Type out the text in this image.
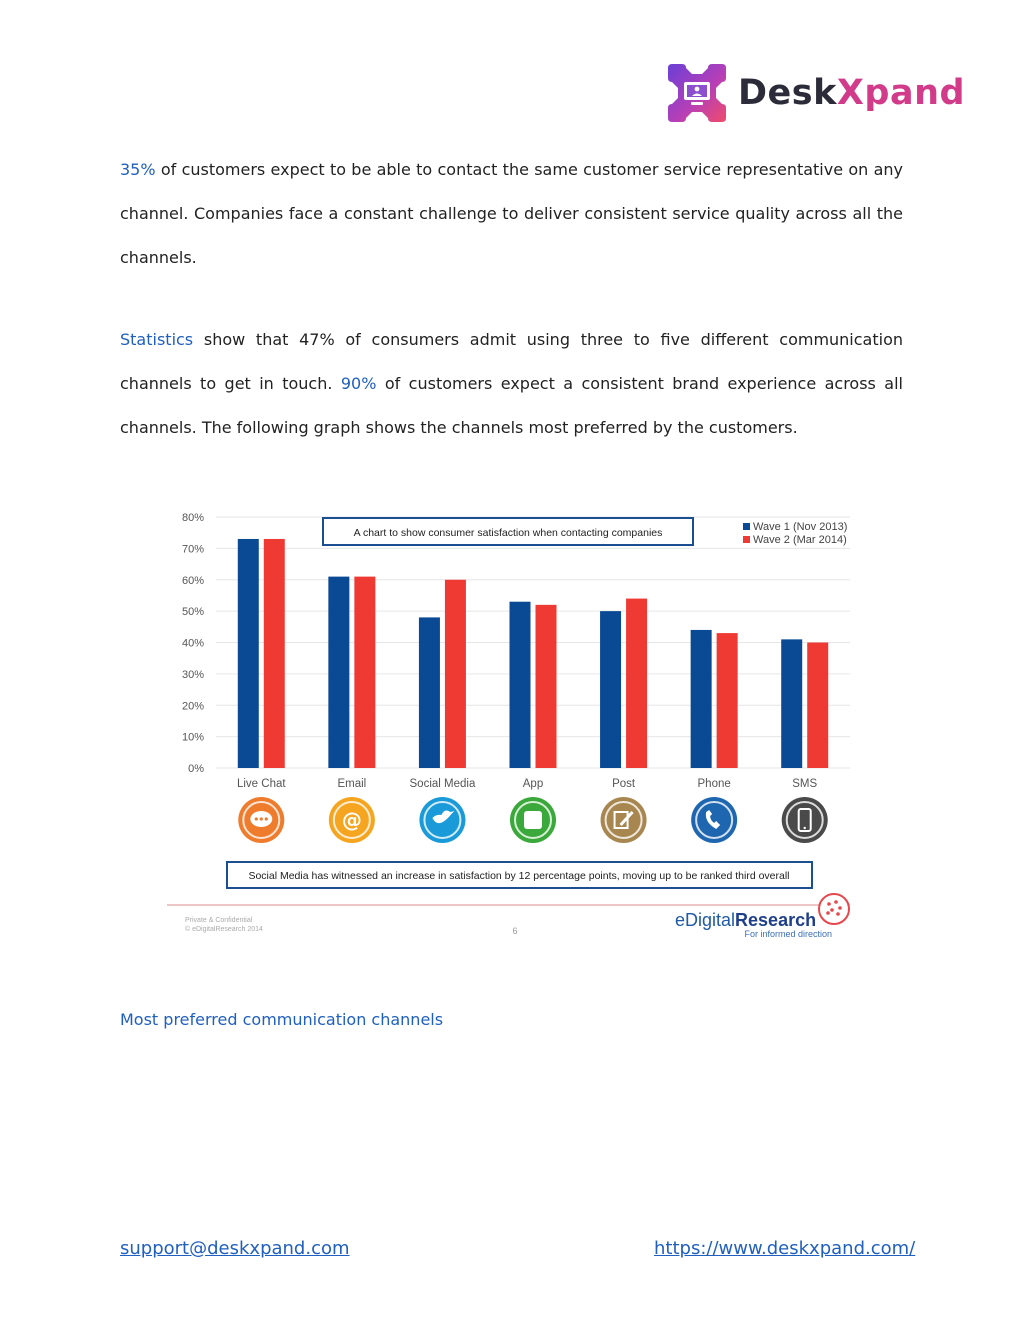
DeskXpand

35% of customers expect to be able to contact the same customer service representative on any channel. Companies face a constant challenge to deliver consistent service quality across all the channels.

Statistics show that 47% of consumers admit using three to five different communication channels to get in touch. 90% of customers expect a consistent brand experience across all channels. The following graph shows the channels most preferred by the customers.

0%
10%
20%
30%
40%
50%
60%
70%
80%
A chart to show consumer satisfaction when contacting companies	Wave 1 (Nov 2013)
Wave 2 (Mar 2014)
Live Chat	Email
@
Social Media	App	Post	Phone	SMS
Social Media has witnessed an increase in satisfaction by 12 percentage points, moving up to be ranked third overall
Private & Confidential
© eDigitalResearch 2014	6
eDigitalResearch
For informed direction
Most preferred communication channels
support@deskxpand.com	https://www.deskxpand.com/
